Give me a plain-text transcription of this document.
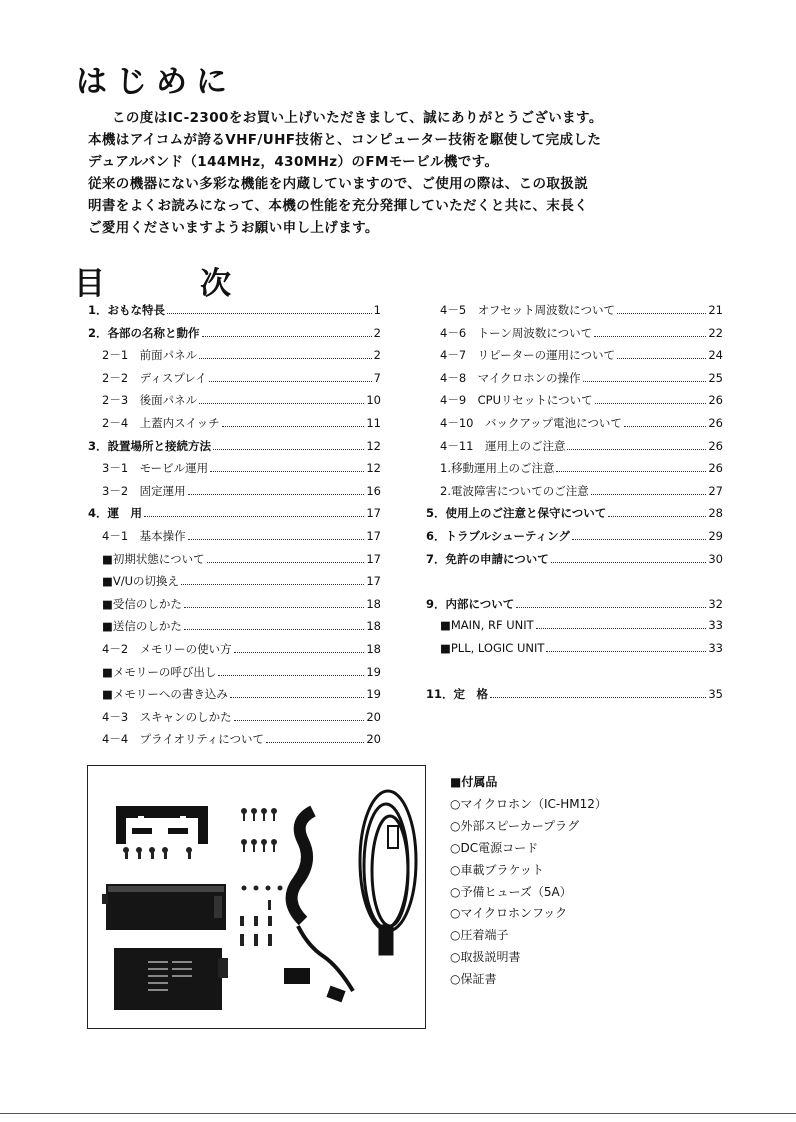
はじめに

この度はIC-2300をお買い上げいただきまして、誠にありがとうございます。

本機はアイコムが誇るVHF/UHF技術と、コンピューター技術を駆使して完成した

デュアルバンド（144MHz，430MHz）のFMモービル機です。

従来の機器にない多彩な機能を内蔵していますので、ご使用の際は、この取扱説

明書をよくお読みになって、本機の性能を充分発揮していただくと共に、末長く

ご愛用くださいますようお願い申し上げます。

目	次
1．おもな特長	1
2．各部の名称と動作	2
2－1　前面パネル	2
2－2　ディスプレイ	7
2－3　後面パネル	10
2－4　上蓋内スイッチ	11
3．設置場所と接続方法	12
3－1　モービル運用	12
3－2　固定運用	16
4．運　用	17
4－1　基本操作	17
■初期状態について	17
■V/Uの切換え	17
■受信のしかた	18
■送信のしかた	18
4－2　メモリーの使い方	18
■メモリーの呼び出し	19
■メモリーへの書き込み	19
4－3　スキャンのしかた	20
4－4　プライオリティについて	20
4－5　オフセット周波数について	21
4－6　トーン周波数について	22
4－7　リピーターの運用について	24
4－8　マイクロホンの操作	25
4－9　CPUリセットについて	26
4－10　バックアップ電池について	26
4－11　運用上のご注意	26
1.移動運用上のご注意	26
2.電波障害についてのご注意	27
5．使用上のご注意と保守について	28
6．トラブルシューティング	29
7．免許の申請について	30
9．内部について	32
■MAIN, RF UNIT	33
■PLL, LOGIC UNIT	33
11．定　格	35
■付属品
○マイクロホン（IC-HM12）
○外部スピーカープラグ
○DC電源コード
○車載ブラケット
○予備ヒューズ（5A）
○マイクロホンフック
○圧着端子
○取扱説明書
○保証書
